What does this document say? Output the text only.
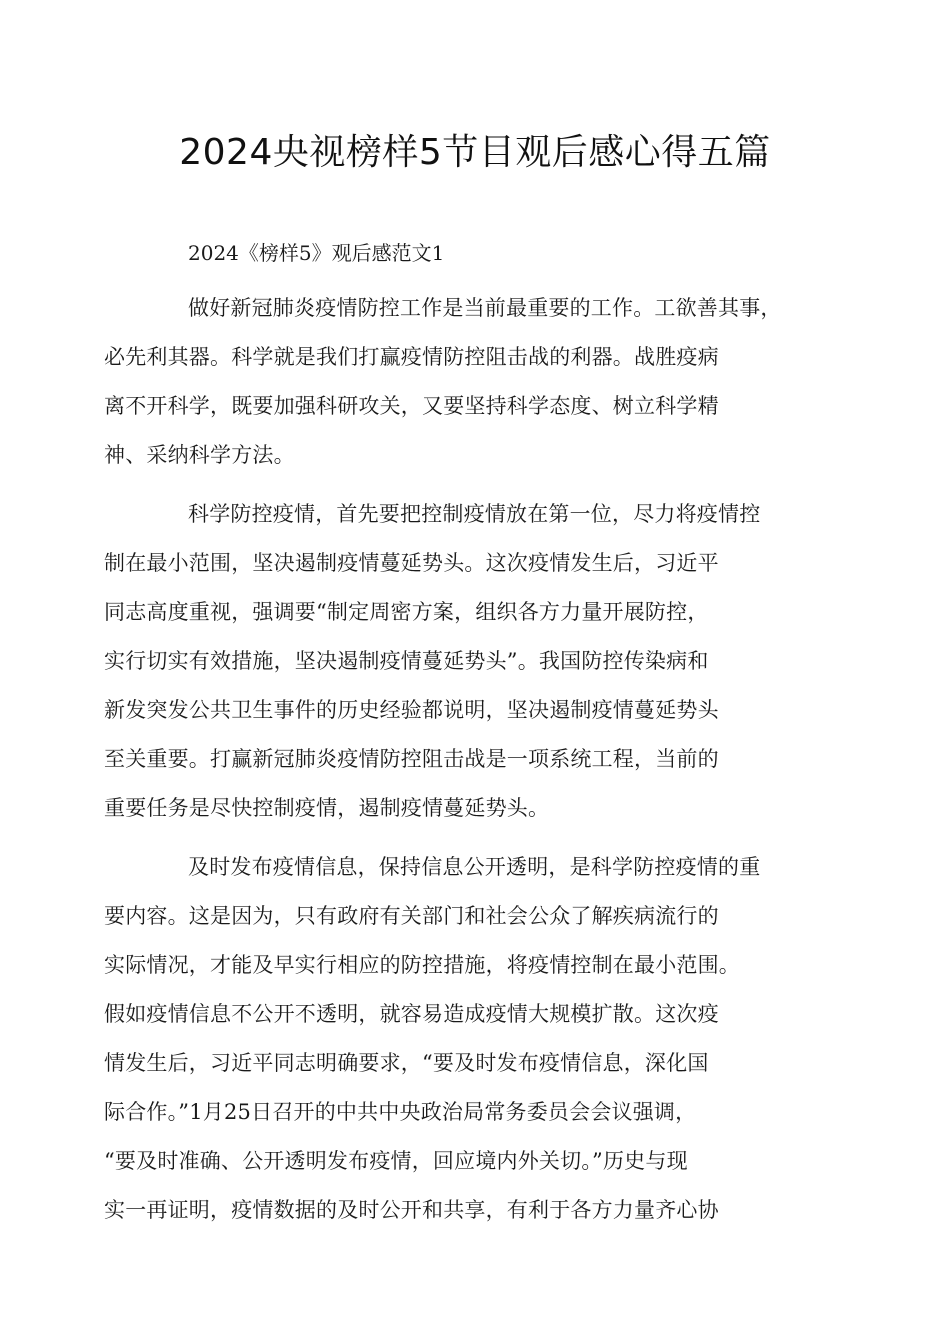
2024央视榜样5节目观后感心得五篇

2024《榜样5》观后感范文1

做好新冠肺炎疫情防控工作是当前最重要的工作。工欲善其事，
必先利其器。科学就是我们打赢疫情防控阻击战的利器。战胜疫病
离不开科学，既要加强科研攻关，又要坚持科学态度、树立科学精
神、采纳科学方法。

科学防控疫情，首先要把控制疫情放在第一位，尽力将疫情控
制在最小范围，坚决遏制疫情蔓延势头。这次疫情发生后，习近平
同志高度重视，强调要“制定周密方案，组织各方力量开展防控，
实行切实有效措施，坚决遏制疫情蔓延势头”。我国防控传染病和
新发突发公共卫生事件的历史经验都说明，坚决遏制疫情蔓延势头
至关重要。打赢新冠肺炎疫情防控阻击战是一项系统工程，当前的
重要任务是尽快控制疫情，遏制疫情蔓延势头。

及时发布疫情信息，保持信息公开透明，是科学防控疫情的重
要内容。这是因为，只有政府有关部门和社会公众了解疾病流行的
实际情况，才能及早实行相应的防控措施，将疫情控制在最小范围。
假如疫情信息不公开不透明，就容易造成疫情大规模扩散。这次疫
情发生后，习近平同志明确要求，“要及时发布疫情信息，深化国
际合作。”1月25日召开的中共中央政治局常务委员会会议强调，
“要及时准确、公开透明发布疫情，回应境内外关切。”历史与现
实一再证明，疫情数据的及时公开和共享，有利于各方力量齐心协
